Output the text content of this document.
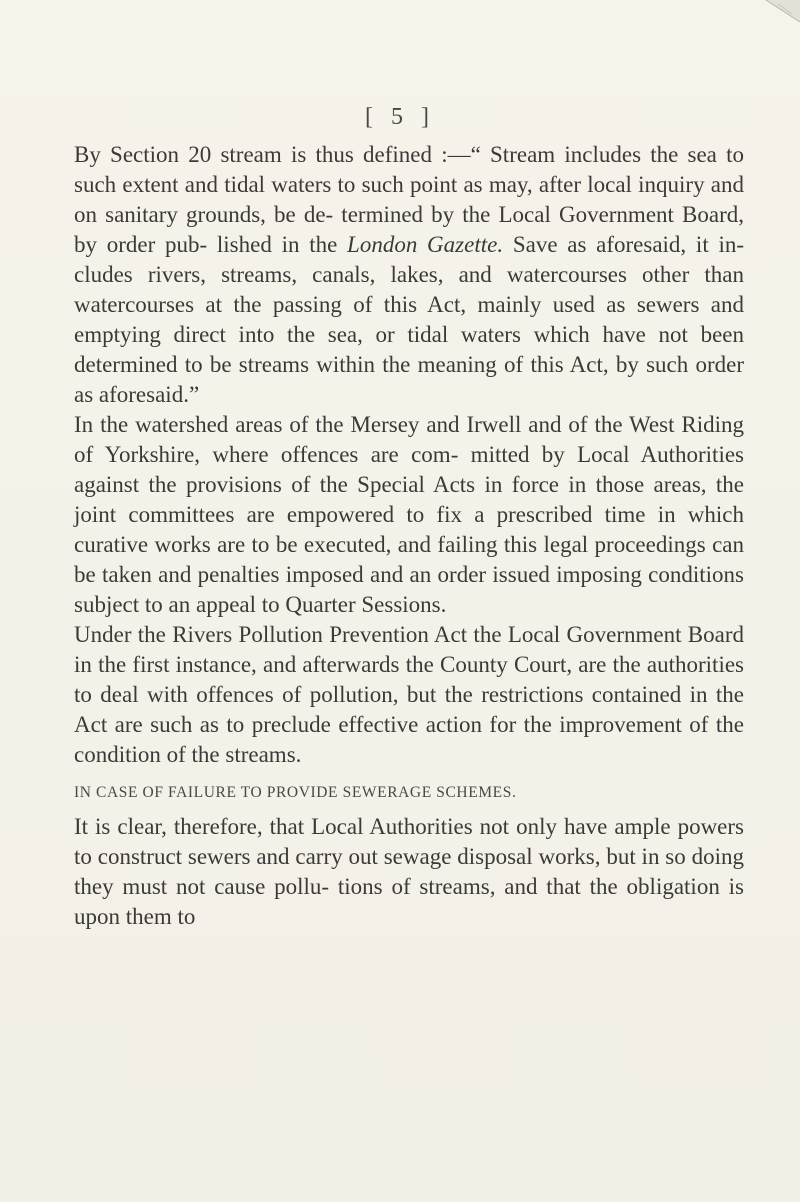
[ 5 ]

By Section 20 stream is thus defined :—“ Stream includes the sea to such extent and tidal waters to such point as may, after local inquiry and on sanitary grounds, be de- termined by the Local Government Board, by order pub- lished in the London Gazette. Save as aforesaid, it in- cludes rivers, streams, canals, lakes, and watercourses other than watercourses at the passing of this Act, mainly used as sewers and emptying direct into the sea, or tidal waters which have not been determined to be streams within the meaning of this Act, by such order as aforesaid.”

In the watershed areas of the Mersey and Irwell and of the West Riding of Yorkshire, where offences are com- mitted by Local Authorities against the provisions of the Special Acts in force in those areas, the joint committees are empowered to fix a prescribed time in which curative works are to be executed, and failing this legal proceedings can be taken and penalties imposed and an order issued imposing conditions subject to an appeal to Quarter Sessions.

Under the Rivers Pollution Prevention Act the Local Government Board in the first instance, and afterwards the County Court, are the authorities to deal with offences of pollution, but the restrictions contained in the Act are such as to preclude effective action for the improvement of the condition of the streams.

IN CASE OF FAILURE TO PROVIDE SEWERAGE SCHEMES.

It is clear, therefore, that Local Authorities not only have ample powers to construct sewers and carry out sewage disposal works, but in so doing they must not cause pollu- tions of streams, and that the obligation is upon them to
